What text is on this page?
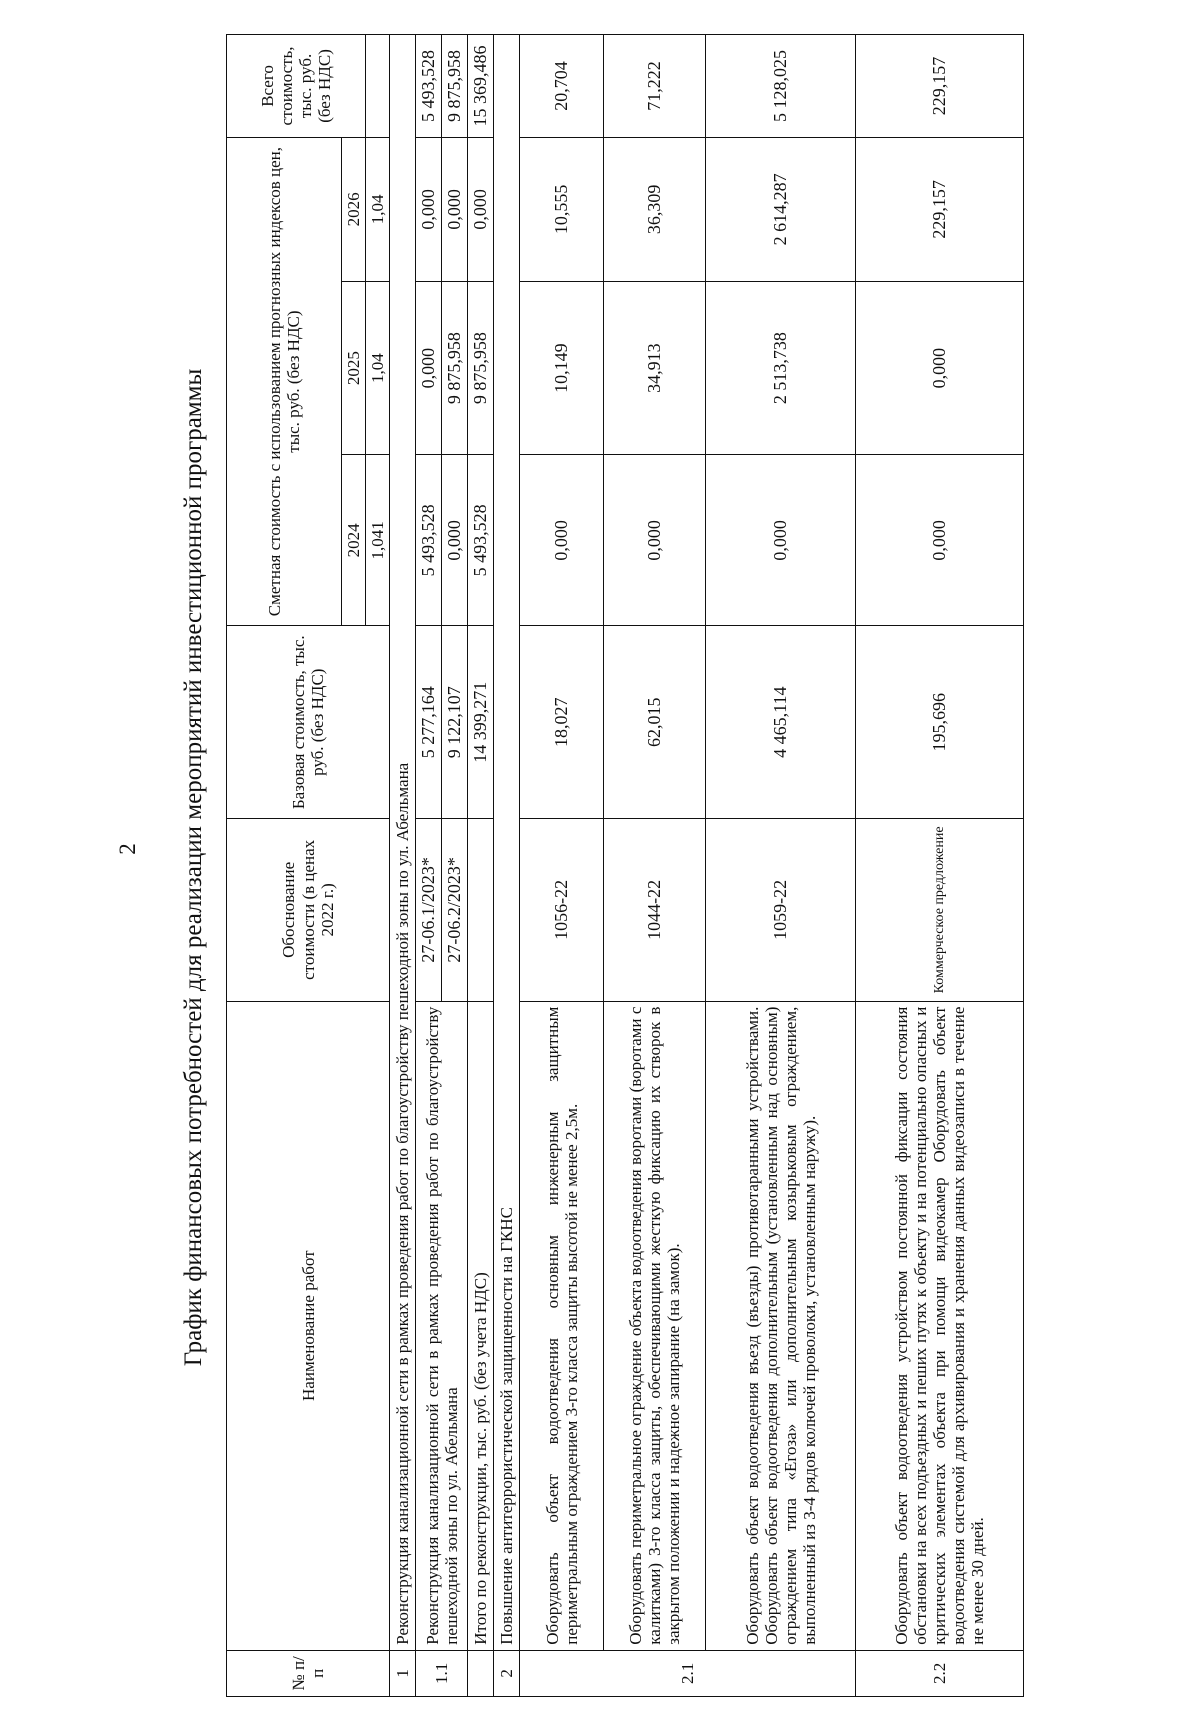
2 График финансовых потребностей для реализации мероприятий инвестиционной программы
№ п/п	Наименование работ	Обоснование стоимости (в ценах 2022 г.)	Базовая стоимость, тыс. руб. (без НДС)	Сметная стоимость с использованием прогнозных индексов цен, тыс. руб. (без НДС)			Всего стоимость, тыс. руб. (без НДС)
				2024	2025	2026	
				1,041	1,04	1,04	
1	Реконструкция канализационной сети в рамках проведения работ по благоустройству пешеходной зоны по ул. Абельмана						
1.1	Реконструкция канализационной сети в рамках проведения работ по благоустройству пешеходной зоны по ул. Абельмана	27-06.1/2023*	5 277,164	5 493,528	0,000	0,000	5 493,528
		27-06.2/2023*	9 122,107	0,000	9 875,958	0,000	9 875,958
	Итого по реконструкции, тыс. руб. (без учета НДС)		14 399,271	5 493,528	9 875,958	0,000	15 369,486
2	Повышение антитеррористической защищенности на ГКНС						
2.1	Оборудовать объект водоотведения основным инженерным защитным периметральным ограждением 3-го класса защиты высотой не менее 2,5м.	1056-22	18,027	0,000	10,149	10,555	20,704
	Оборудовать периметральное ограждение объекта водоотведения воротами (воротами с калитками) 3-го класса защиты, обеспечивающими жесткую фиксацию их створок в закрытом положении и надежное запирание (на замок).	1044-22	62,015	0,000	34,913	36,309	71,222
	Оборудовать объект водоотведения въезд (въезды) противотаранными устройствами. Оборудовать объект водоотведения дополнительным (установленным над основным) ограждением типа «Егоза» или дополнительным козырьковым ограждением, выполненный из 3-4 рядов колючей проволоки, установленным наружу).	1059-22	4 465,114	0,000	2 513,738	2 614,287	5 128,025
2.2	Оборудовать объект водоотведения устройством постоянной фиксации состояния обстановки на всех подъездных и пеших путях к объекту и на потенциально опасных и критических элементах объекта при помощи видеокамер Оборудовать объект водоотведения системой для архивирования и хранения данных видеозаписи в течение не менее 30 дней.	Коммерческое предложение	195,696	0,000	0,000	229,157	229,157
